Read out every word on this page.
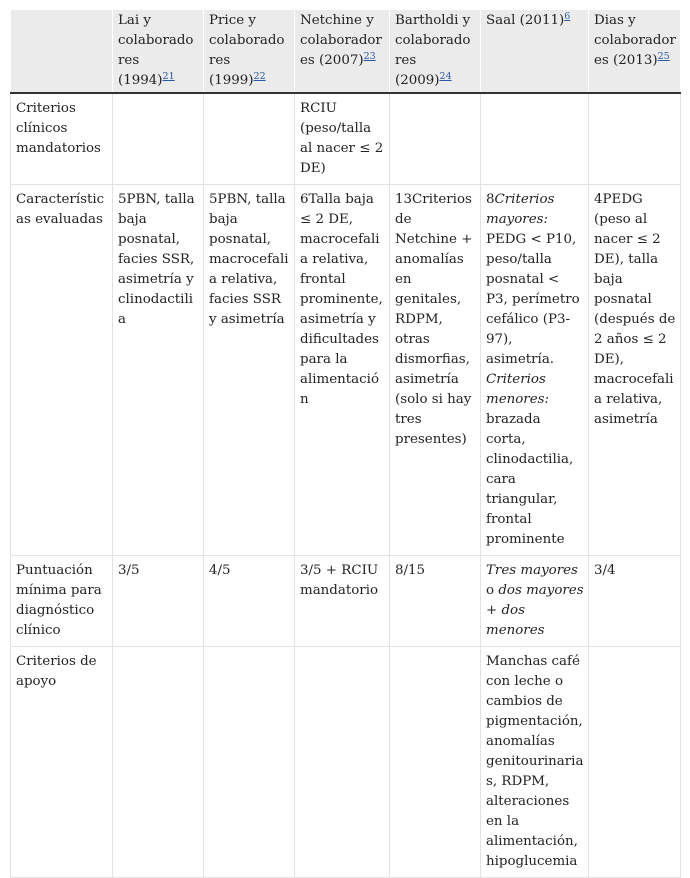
	Lai y colaboradores (1994)$^{21}$	Price y colaboradores (1999)$^{22}$	Netchine y colaboradores (2007)$^{23}$	Bartholdi y colaboradores (2009)$^{24}$	Saal (2011)$^6$	Dias y colaboradores (2013)$^{25}$
Criterios clínicos mandatorios			RCIU (peso/talla al nacer ≤ 2 DE)			
Características evaluadas	5PBN, talla baja posnatal, facies SSR, asimetría y clinodactilia	5PBN, talla baja posnatal, macrocefalia relativa, facies SSR y asimetría	6Talla baja ≤ 2 DE, macrocefalia relativa, frontal prominente, asimetría y dificultades para la alimentación	13Criterios de Netchine + anomalías en genitales, RDPM, otras dismorfias, asimetría (solo si hay tres presentes)	8Criterios mayores: PEDG < P10, peso/talla posnatal < P3, perímetro cefálico (P3-97), asimetría. Criterios menores: brazada corta, clinodactilia, cara triangular, frontal prominente	4PEDG (peso al nacer ≤ 2 DE), talla baja posnatal (después de 2 años ≤ 2 DE), macrocefalia relativa, asimetría
Puntuación mínima para diagnóstico clínico	3/5	4/5	3/5 + RCIU mandatorio	8/15	Tres mayores o dos mayores + dos menores	3/4
Criterios de apoyo					Manchas café con leche o cambios de pigmentación, anomalías genitourinarias, RDPM, alteraciones en la alimentación, hipoglucemia	
